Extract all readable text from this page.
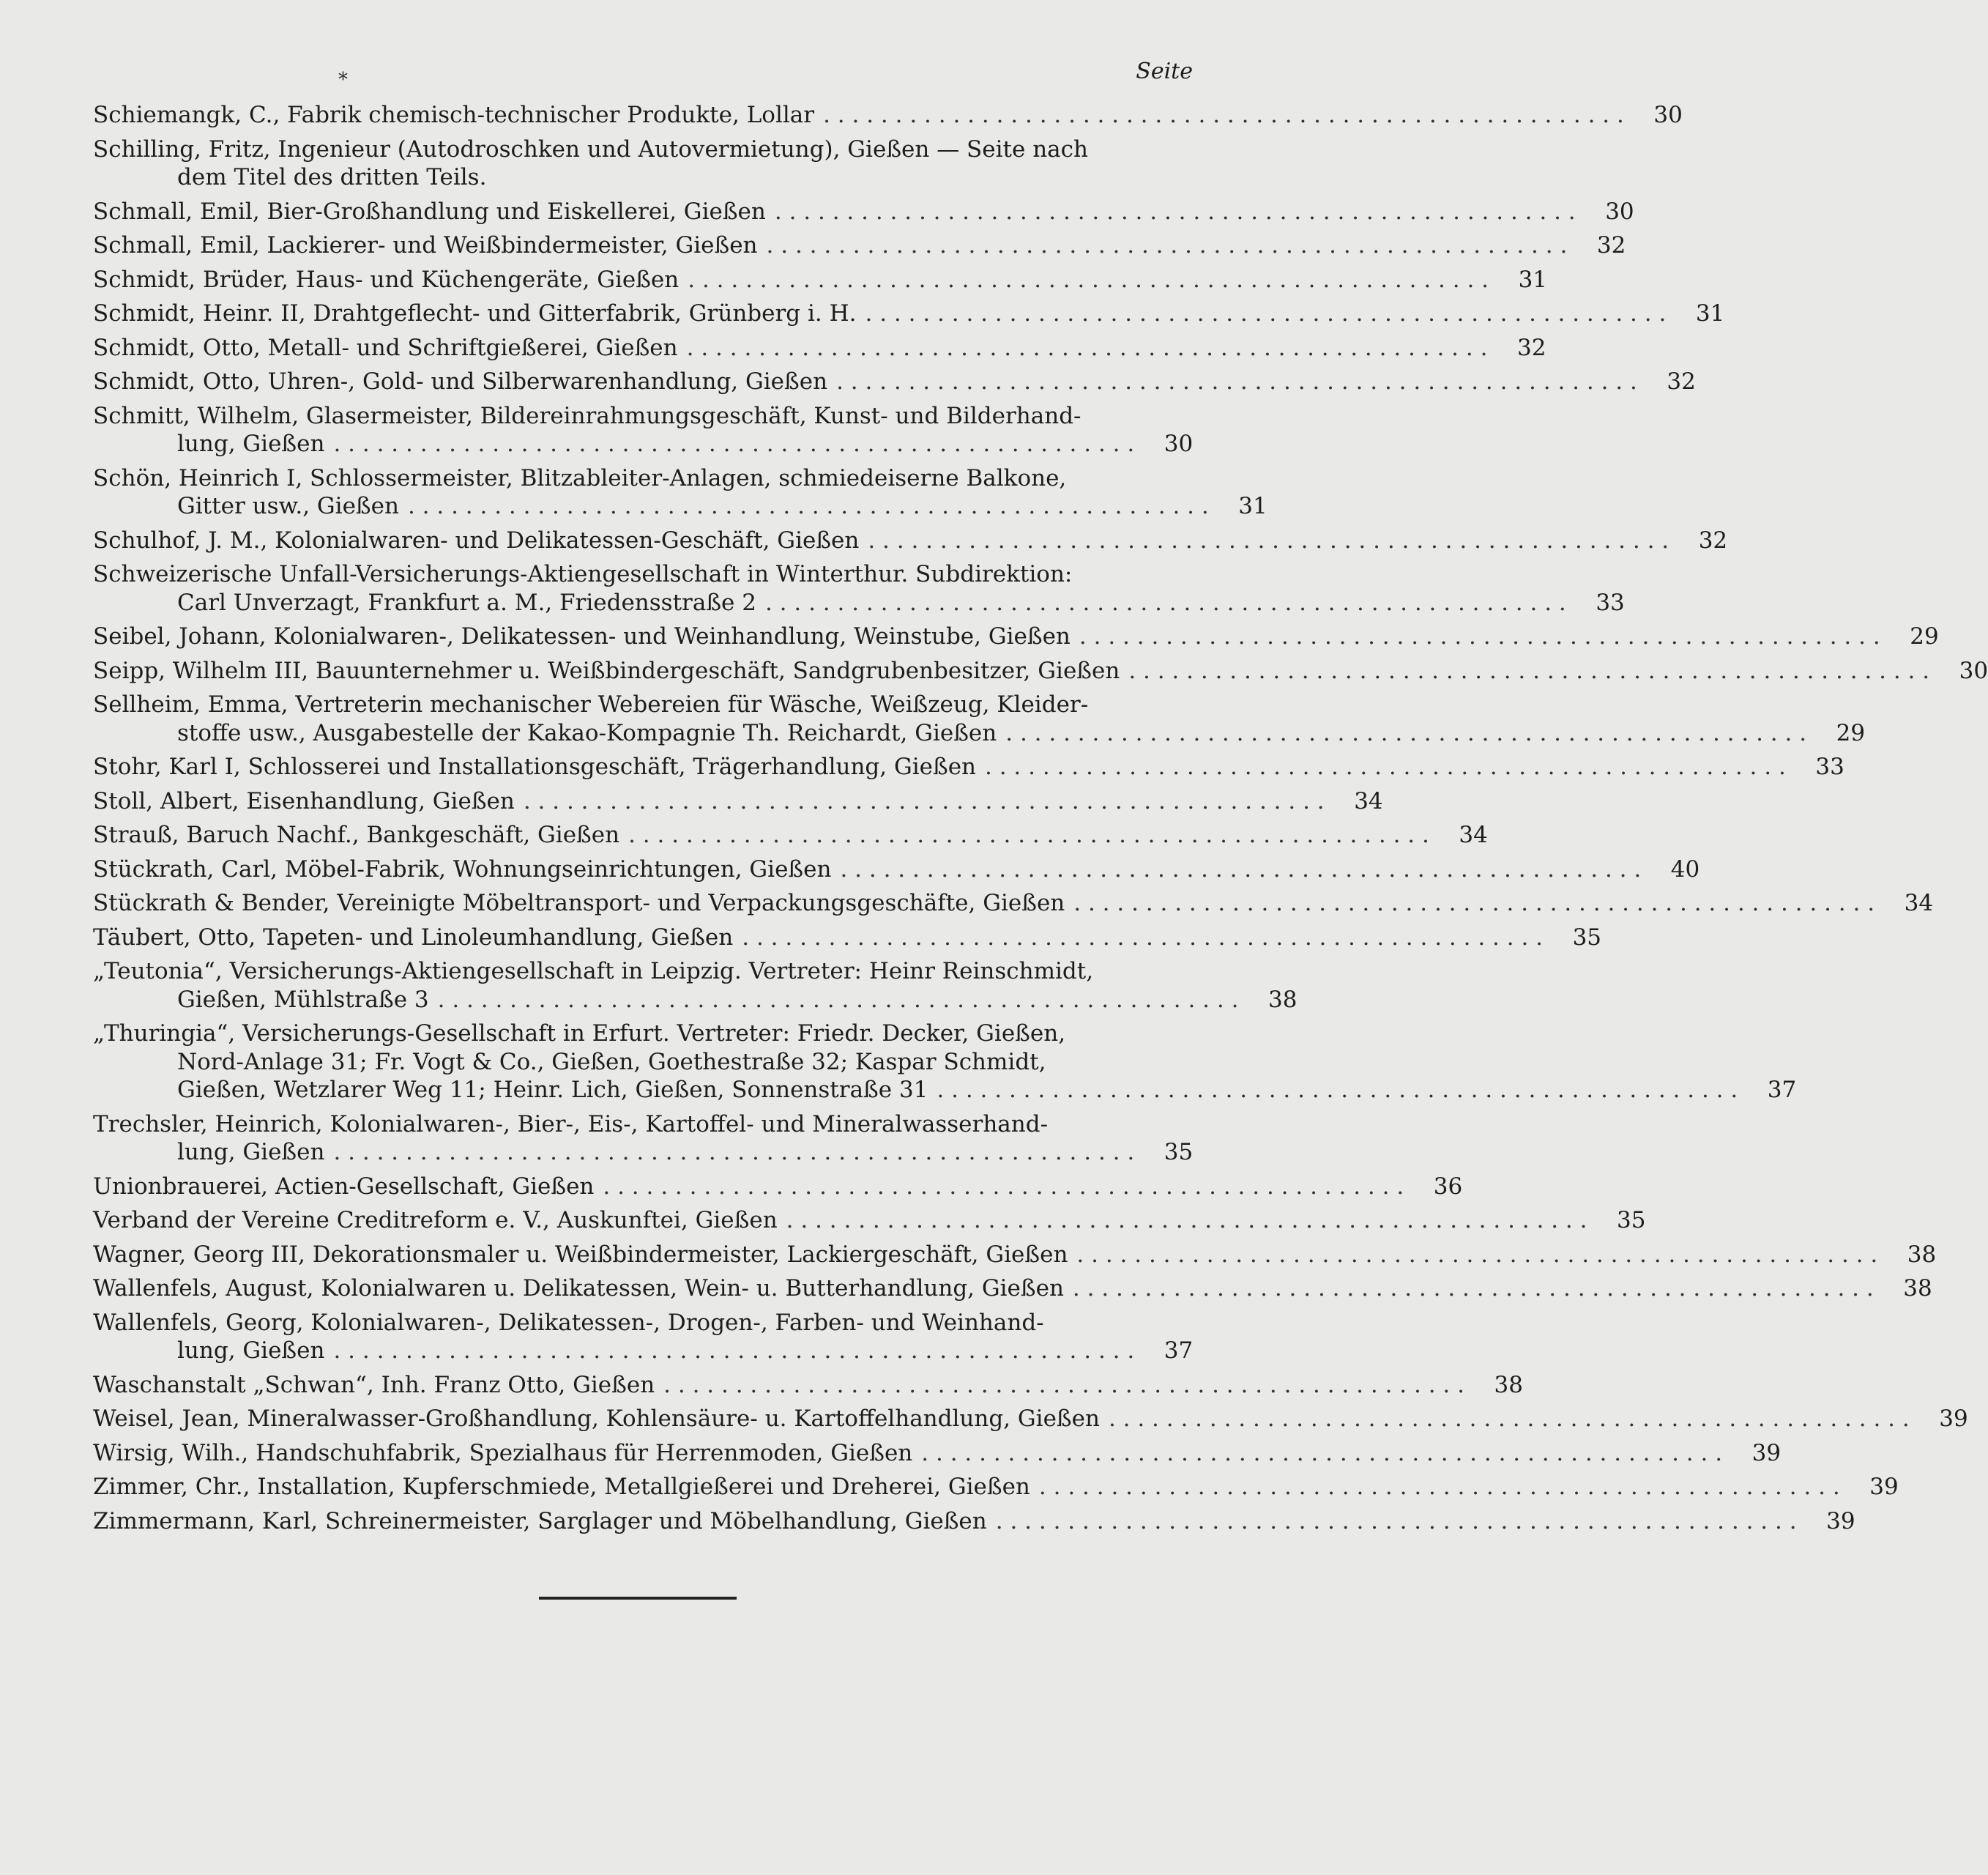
*	Seite
Schiemangk, C., Fabrik chemisch-technischer Produkte, Lollar
. . .	30
Schilling, Fritz, Ingenieur (Autodroschken und Autovermietung), Gießen — Seite nach
dem Titel des dritten Teils.
Schmall, Emil, Bier-Großhandlung und Eiskellerei, Gießen
. . .	30
Schmall, Emil, Lackierer- und Weißbindermeister, Gießen
. . .	32
Schmidt, Brüder, Haus- und Küchengeräte, Gießen
. . .	31
Schmidt, Heinr. II, Drahtgeflecht- und Gitterfabrik, Grünberg i. H.
. . .	31
Schmidt, Otto, Metall- und Schriftgießerei, Gießen
. . .	32
Schmidt, Otto, Uhren-, Gold- und Silberwarenhandlung, Gießen
. . .	32
Schmitt, Wilhelm, Glasermeister, Bildereinrahmungsgeschäft, Kunst- und Bilderhand-
lung, Gießen
. . .	30
Schön, Heinrich I, Schlossermeister, Blitzableiter-Anlagen, schmiedeiserne Balkone,
Gitter usw., Gießen
. . .	31
Schulhof, J. M., Kolonialwaren- und Delikatessen-Geschäft, Gießen
. . .	32
Schweizerische Unfall-Versicherungs-Aktiengesellschaft in Winterthur. Subdirektion:
Carl Unverzagt, Frankfurt a. M., Friedensstraße 2
. . .	33
Seibel, Johann, Kolonialwaren-, Delikatessen- und Weinhandlung, Weinstube, Gießen
. . .	29
Seipp, Wilhelm III, Bauunternehmer u. Weißbindergeschäft, Sandgrubenbesitzer, Gießen
. . .	30
Sellheim, Emma, Vertreterin mechanischer Webereien für Wäsche, Weißzeug, Kleider-
stoffe usw., Ausgabestelle der Kakao-Kompagnie Th. Reichardt, Gießen
. . .	29
Stohr, Karl I, Schlosserei und Installationsgeschäft, Trägerhandlung, Gießen
. . .	33
Stoll, Albert, Eisenhandlung, Gießen
. . .	34
Strauß, Baruch Nachf., Bankgeschäft, Gießen
. . .	34
Stückrath, Carl, Möbel-Fabrik, Wohnungseinrichtungen, Gießen
. . .	40
Stückrath & Bender, Vereinigte Möbeltransport- und Verpackungsgeschäfte, Gießen
. . .	34
Täubert, Otto, Tapeten- und Linoleumhandlung, Gießen
. . .	35
„Teutonia“, Versicherungs-Aktiengesellschaft in Leipzig. Vertreter: Heinr Reinschmidt,
Gießen, Mühlstraße 3
. . .	38
„Thuringia“, Versicherungs-Gesellschaft in Erfurt. Vertreter: Friedr. Decker, Gießen,
Nord-Anlage 31; Fr. Vogt & Co., Gießen, Goethestraße 32; Kaspar Schmidt,
Gießen, Wetzlarer Weg 11; Heinr. Lich, Gießen, Sonnenstraße 31
. . .	37
Trechsler, Heinrich, Kolonialwaren-, Bier-, Eis-, Kartoffel- und Mineralwasserhand-
lung, Gießen
. . .	35
Unionbrauerei, Actien-Gesellschaft, Gießen
. . .	36
Verband der Vereine Creditreform e. V., Auskunftei, Gießen
. . .	35
Wagner, Georg III, Dekorationsmaler u. Weißbindermeister, Lackiergeschäft, Gießen
. . .	38
Wallenfels, August, Kolonialwaren u. Delikatessen, Wein- u. Butterhandlung, Gießen
. . .	38
Wallenfels, Georg, Kolonialwaren-, Delikatessen-, Drogen-, Farben- und Weinhand-
lung, Gießen
. . .	37
Waschanstalt „Schwan“, Inh. Franz Otto, Gießen
. . .	38
Weisel, Jean, Mineralwasser-Großhandlung, Kohlensäure- u. Kartoffelhandlung, Gießen
. . .	39
Wirsig, Wilh., Handschuhfabrik, Spezialhaus für Herrenmoden, Gießen
. . .	39
Zimmer, Chr., Installation, Kupferschmiede, Metallgießerei und Dreherei, Gießen
. . .	39
Zimmermann, Karl, Schreinermeister, Sarglager und Möbelhandlung, Gießen
. . .	39
